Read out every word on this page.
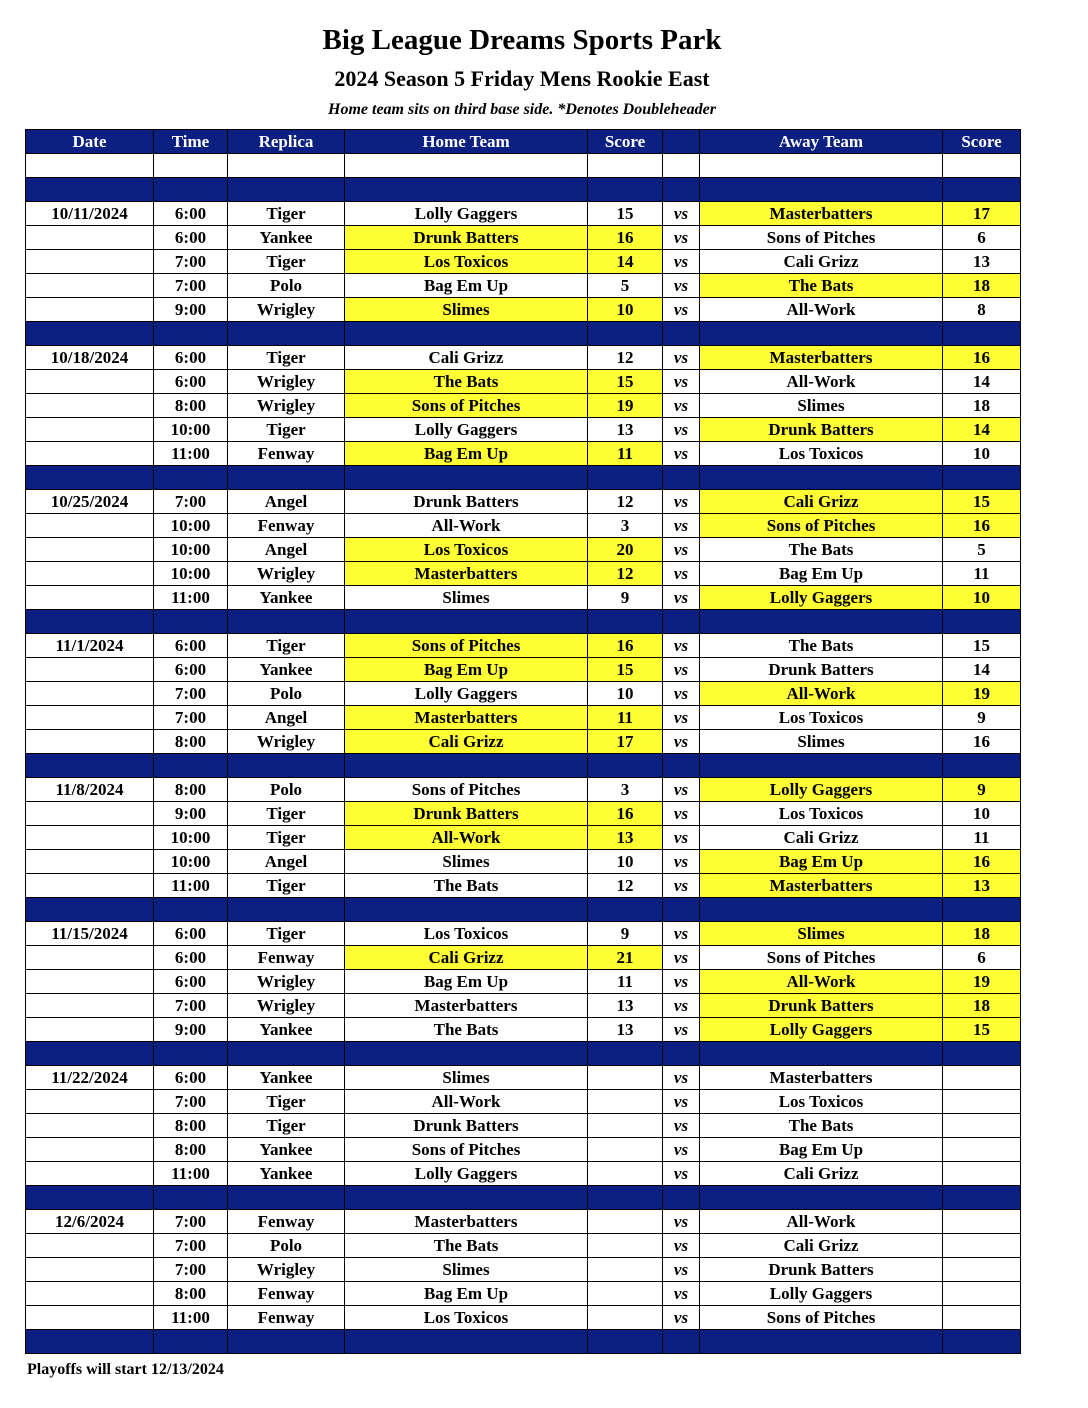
Big League Dreams Sports Park
2024 Season 5 Friday Mens Rookie East
Home team sits on third base side. *Denotes Doubleheader
Date	Time	Replica	Home Team	Score		Away Team	Score

10/11/2024	6:00	Tiger	Lolly Gaggers	15	vs	Masterbatters	17
	6:00	Yankee	Drunk Batters	16	vs	Sons of Pitches	6
	7:00	Tiger	Los Toxicos	14	vs	Cali Grizz	13
	7:00	Polo	Bag Em Up	5	vs	The Bats	18
	9:00	Wrigley	Slimes	10	vs	All-Work	8

10/18/2024	6:00	Tiger	Cali Grizz	12	vs	Masterbatters	16
	6:00	Wrigley	The Bats	15	vs	All-Work	14
	8:00	Wrigley	Sons of Pitches	19	vs	Slimes	18
	10:00	Tiger	Lolly Gaggers	13	vs	Drunk Batters	14
	11:00	Fenway	Bag Em Up	11	vs	Los Toxicos	10

10/25/2024	7:00	Angel	Drunk Batters	12	vs	Cali Grizz	15
	10:00	Fenway	All-Work	3	vs	Sons of Pitches	16
	10:00	Angel	Los Toxicos	20	vs	The Bats	5
	10:00	Wrigley	Masterbatters	12	vs	Bag Em Up	11
	11:00	Yankee	Slimes	9	vs	Lolly Gaggers	10

11/1/2024	6:00	Tiger	Sons of Pitches	16	vs	The Bats	15
	6:00	Yankee	Bag Em Up	15	vs	Drunk Batters	14
	7:00	Polo	Lolly Gaggers	10	vs	All-Work	19
	7:00	Angel	Masterbatters	11	vs	Los Toxicos	9
	8:00	Wrigley	Cali Grizz	17	vs	Slimes	16

11/8/2024	8:00	Polo	Sons of Pitches	3	vs	Lolly Gaggers	9
	9:00	Tiger	Drunk Batters	16	vs	Los Toxicos	10
	10:00	Tiger	All-Work	13	vs	Cali Grizz	11
	10:00	Angel	Slimes	10	vs	Bag Em Up	16
	11:00	Tiger	The Bats	12	vs	Masterbatters	13

11/15/2024	6:00	Tiger	Los Toxicos	9	vs	Slimes	18
	6:00	Fenway	Cali Grizz	21	vs	Sons of Pitches	6
	6:00	Wrigley	Bag Em Up	11	vs	All-Work	19
	7:00	Wrigley	Masterbatters	13	vs	Drunk Batters	18
	9:00	Yankee	The Bats	13	vs	Lolly Gaggers	15

11/22/2024	6:00	Yankee	Slimes		vs	Masterbatters	
	7:00	Tiger	All-Work		vs	Los Toxicos	
	8:00	Tiger	Drunk Batters		vs	The Bats	
	8:00	Yankee	Sons of Pitches		vs	Bag Em Up	
	11:00	Yankee	Lolly Gaggers		vs	Cali Grizz	

12/6/2024	7:00	Fenway	Masterbatters		vs	All-Work	
	7:00	Polo	The Bats		vs	Cali Grizz	
	7:00	Wrigley	Slimes		vs	Drunk Batters	
	8:00	Fenway	Bag Em Up		vs	Lolly Gaggers	
	11:00	Fenway	Los Toxicos		vs	Sons of Pitches	

Playoffs will start 12/13/2024
